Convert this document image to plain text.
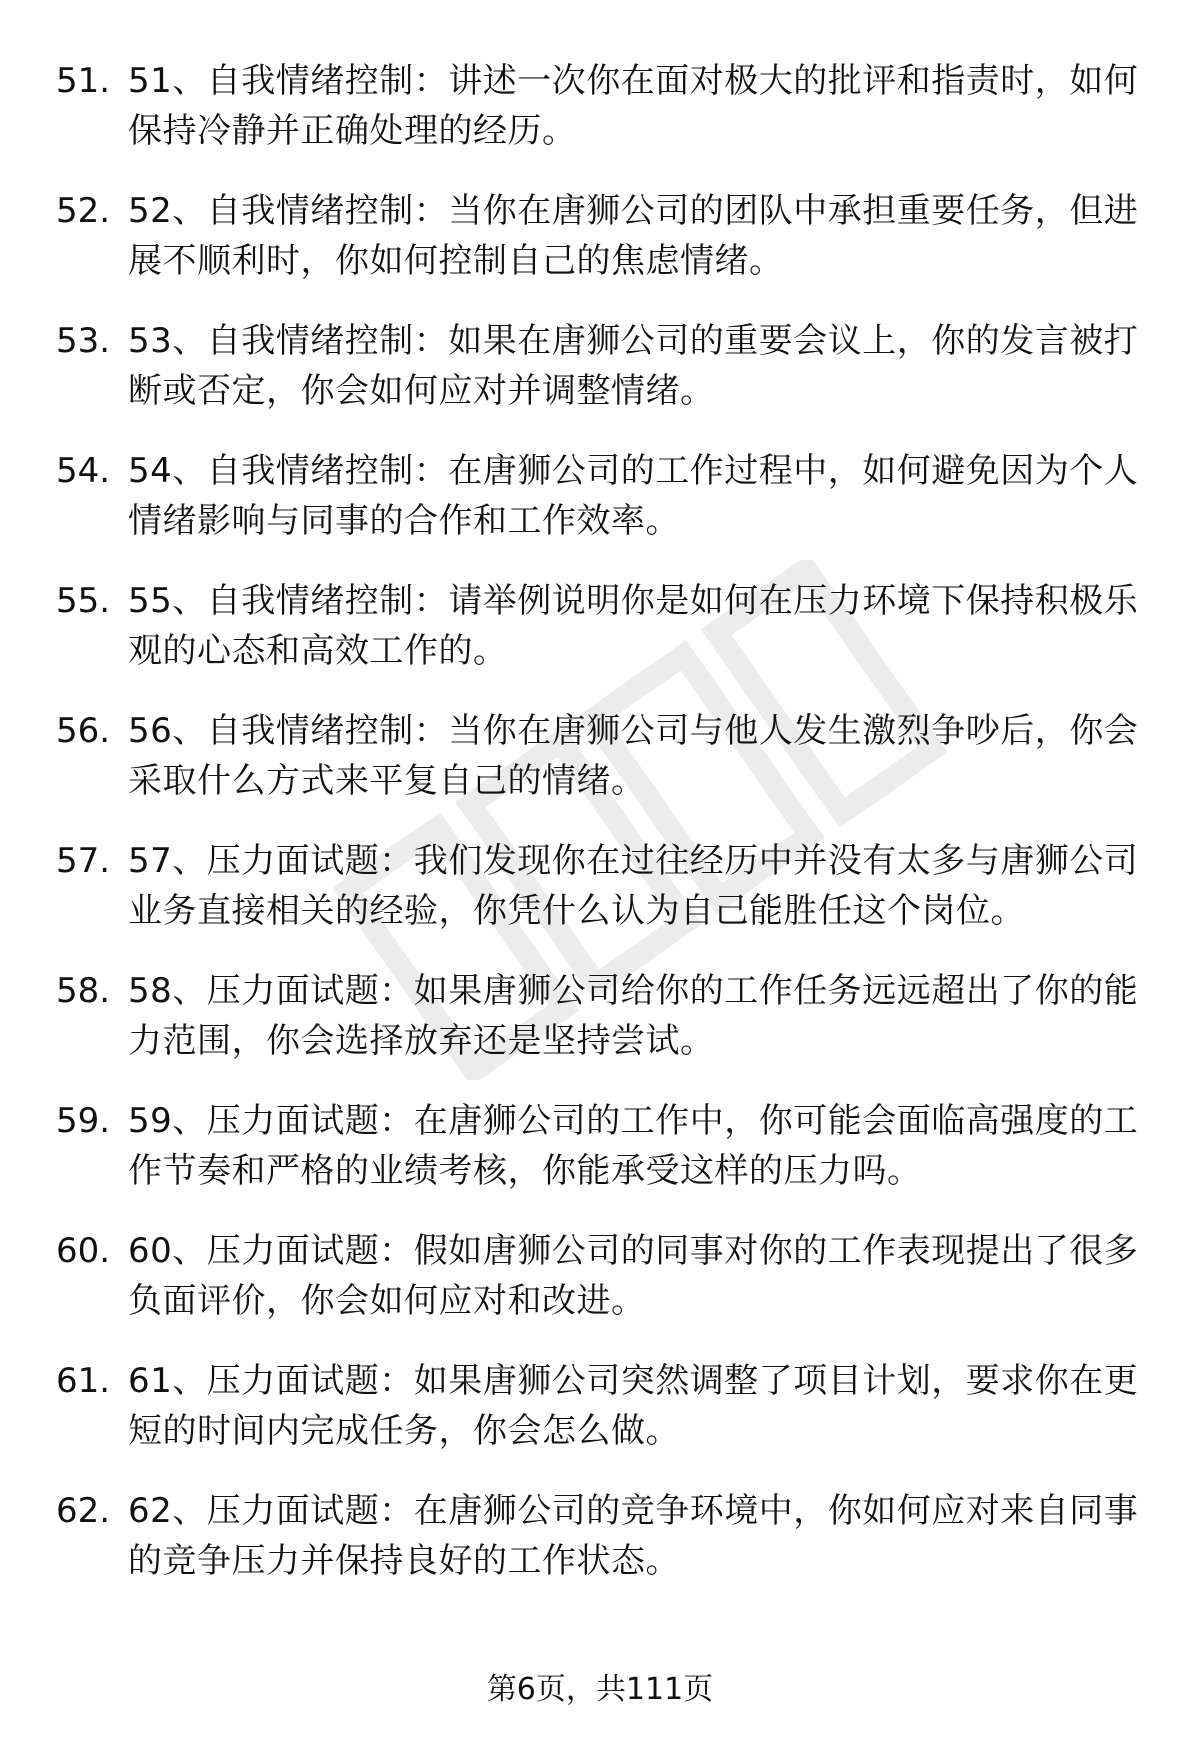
51. 51、自我情绪控制：讲述一次你在面对极大的批评和指责时，如何保持冷静并正确处理的经历。
52. 52、自我情绪控制：当你在唐狮公司的团队中承担重要任务，但进展不顺利时，你如何控制自己的焦虑情绪。
53. 53、自我情绪控制：如果在唐狮公司的重要会议上，你的发言被打断或否定，你会如何应对并调整情绪。
54. 54、自我情绪控制：在唐狮公司的工作过程中，如何避免因为个人情绪影响与同事的合作和工作效率。
55. 55、自我情绪控制：请举例说明你是如何在压力环境下保持积极乐观的心态和高效工作的。
56. 56、自我情绪控制：当你在唐狮公司与他人发生激烈争吵后，你会采取什么方式来平复自己的情绪。
57. 57、压力面试题：我们发现你在过往经历中并没有太多与唐狮公司业务直接相关的经验，你凭什么认为自己能胜任这个岗位。
58. 58、压力面试题：如果唐狮公司给你的工作任务远远超出了你的能力范围，你会选择放弃还是坚持尝试。
59. 59、压力面试题：在唐狮公司的工作中，你可能会面临高强度的工作节奏和严格的业绩考核，你能承受这样的压力吗。
60. 60、压力面试题：假如唐狮公司的同事对你的工作表现提出了很多负面评价，你会如何应对和改进。
61. 61、压力面试题：如果唐狮公司突然调整了项目计划，要求你在更短的时间内完成任务，你会怎么做。
62. 62、压力面试题：在唐狮公司的竞争环境中，你如何应对来自同事的竞争压力并保持良好的工作状态。
第6页，共111页
